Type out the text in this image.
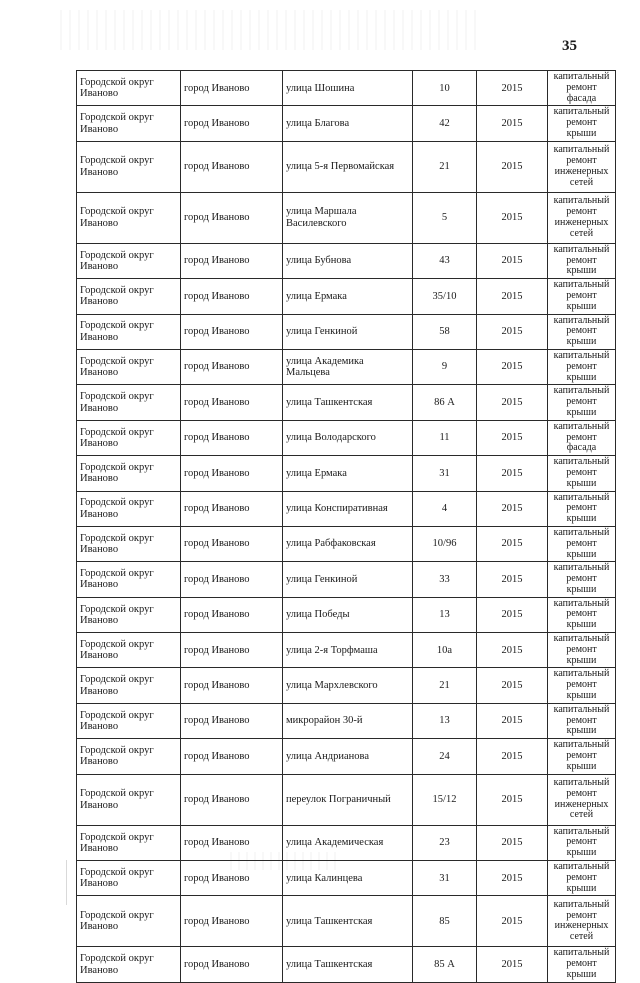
35
Городской округ Иваново	город Иваново	улица Шошина	10	2015	капитальный ремонт фасада
Городской округ Иваново	город Иваново	улица Благова	42	2015	капитальный ремонт крыши
Городской округ Иваново	город Иваново	улица 5-я Первомайская	21	2015	капитальный ремонт инженерных сетей
Городской округ Иваново	город Иваново	улица Маршала Василевского	5	2015	капитальный ремонт инженерных сетей
Городской округ Иваново	город Иваново	улица Бубнова	43	2015	капитальный ремонт крыши
Городской округ Иваново	город Иваново	улица Ермака	35/10	2015	капитальный ремонт крыши
Городской округ Иваново	город Иваново	улица Генкиной	58	2015	капитальный ремонт крыши
Городской округ Иваново	город Иваново	улица Академика Мальцева	9	2015	капитальный ремонт крыши
Городской округ Иваново	город Иваново	улица Ташкентская	86 А	2015	капитальный ремонт крыши
Городской округ Иваново	город Иваново	улица Володарского	11	2015	капитальный ремонт фасада
Городской округ Иваново	город Иваново	улица Ермака	31	2015	капитальный ремонт крыши
Городской округ Иваново	город Иваново	улица Конспиративная	4	2015	капитальный ремонт крыши
Городской округ Иваново	город Иваново	улица Рабфаковская	10/96	2015	капитальный ремонт крыши
Городской округ Иваново	город Иваново	улица Генкиной	33	2015	капитальный ремонт крыши
Городской округ Иваново	город Иваново	улица Победы	13	2015	капитальный ремонт крыши
Городской округ Иваново	город Иваново	улица 2-я Торфмаша	10а	2015	капитальный ремонт крыши
Городской округ Иваново	город Иваново	улица Мархлевского	21	2015	капитальный ремонт крыши
Городской округ Иваново	город Иваново	микрорайон 30-й	13	2015	капитальный ремонт крыши
Городской округ Иваново	город Иваново	улица Андрианова	24	2015	капитальный ремонт крыши
Городской округ Иваново	город Иваново	переулок Пограничный	15/12	2015	капитальный ремонт инженерных сетей
Городской округ Иваново	город Иваново	улица Академическая	23	2015	капитальный ремонт крыши
Городской округ Иваново	город Иваново	улица Калинцева	31	2015	капитальный ремонт крыши
Городской округ Иваново	город Иваново	улица Ташкентская	85	2015	капитальный ремонт инженерных сетей
Городской округ Иваново	город Иваново	улица Ташкентская	85 А	2015	капитальный ремонт крыши
